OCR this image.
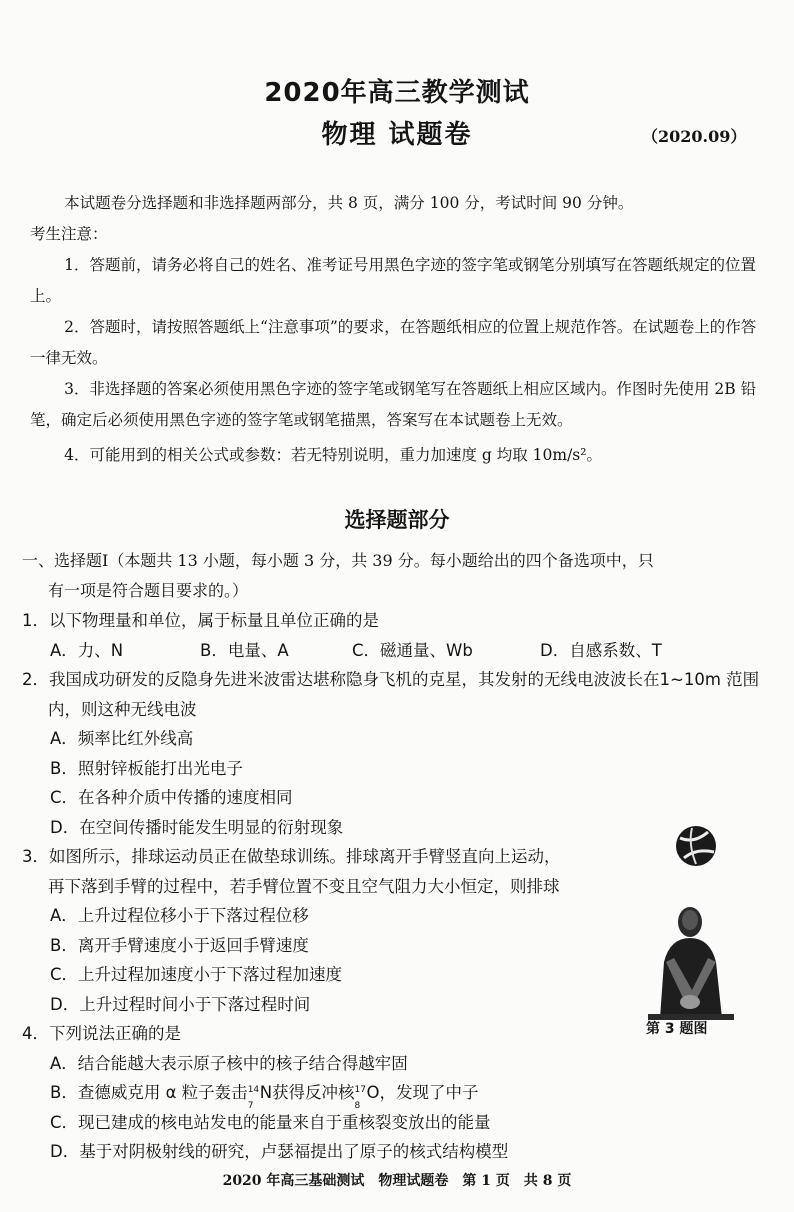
2020年高三教学测试
物理 试题卷	（2020.09）

本试题卷分选择题和非选择题两部分，共 8 页，满分 100 分，考试时间 90 分钟。

考生注意：

1．答题前，请务必将自己的姓名、准考证号用黑色字迹的签字笔或钢笔分别填写在答题纸规定的位置上。

2．答题时，请按照答题纸上“注意事项”的要求，在答题纸相应的位置上规范作答。在试题卷上的作答一律无效。

3．非选择题的答案必须使用黑色字迹的签字笔或钢笔写在答题纸上相应区域内。作图时先使用 2B 铅笔，确定后必须使用黑色字迹的签字笔或钢笔描黑，答案写在本试题卷上无效。

4．可能用到的相关公式或参数：若无特别说明，重力加速度 g 均取 10m/s²。

选择题部分

一、选择题Ⅰ（本题共 13 小题，每小题 3 分，共 39 分。每小题给出的四个备选项中，只

有一项是符合题目要求的。）

1．以下物理量和单位，属于标量且单位正确的是

A．力、N	B．电量、A	C．磁通量、Wb	D．自感系数、T

2．我国成功研发的反隐身先进米波雷达堪称隐身飞机的克星，其发射的无线电波波长在1~10m 范围内，则这种无线电波

A．频率比红外线高

B．照射锌板能打出光电子

C．在各种介质中传播的速度相同

D．在空间传播时能发生明显的衍射现象

3．如图所示，排球运动员正在做垫球训练。排球离开手臂竖直向上运动，

再下落到手臂的过程中，若手臂位置不变且空气阻力大小恒定，则排球

A．上升过程位移小于下落过程位移

B．离开手臂速度小于返回手臂速度

C．上升过程加速度小于下落过程加速度

D．上升过程时间小于下落过程时间

4．下列说法正确的是

A．结合能越大表示原子核中的核子结合得越牢固

B．查德威克用 α 粒子轰击 14
7
N获得反冲核 17
8
O，发现了中子

C．现已建成的核电站发电的能量来自于重核裂变放出的能量

D．基于对阴极射线的研究，卢瑟福提出了原子的核式结构模型

第 3 题图
2020 年高三基础测试　物理试题卷　第 1 页　共 8 页
